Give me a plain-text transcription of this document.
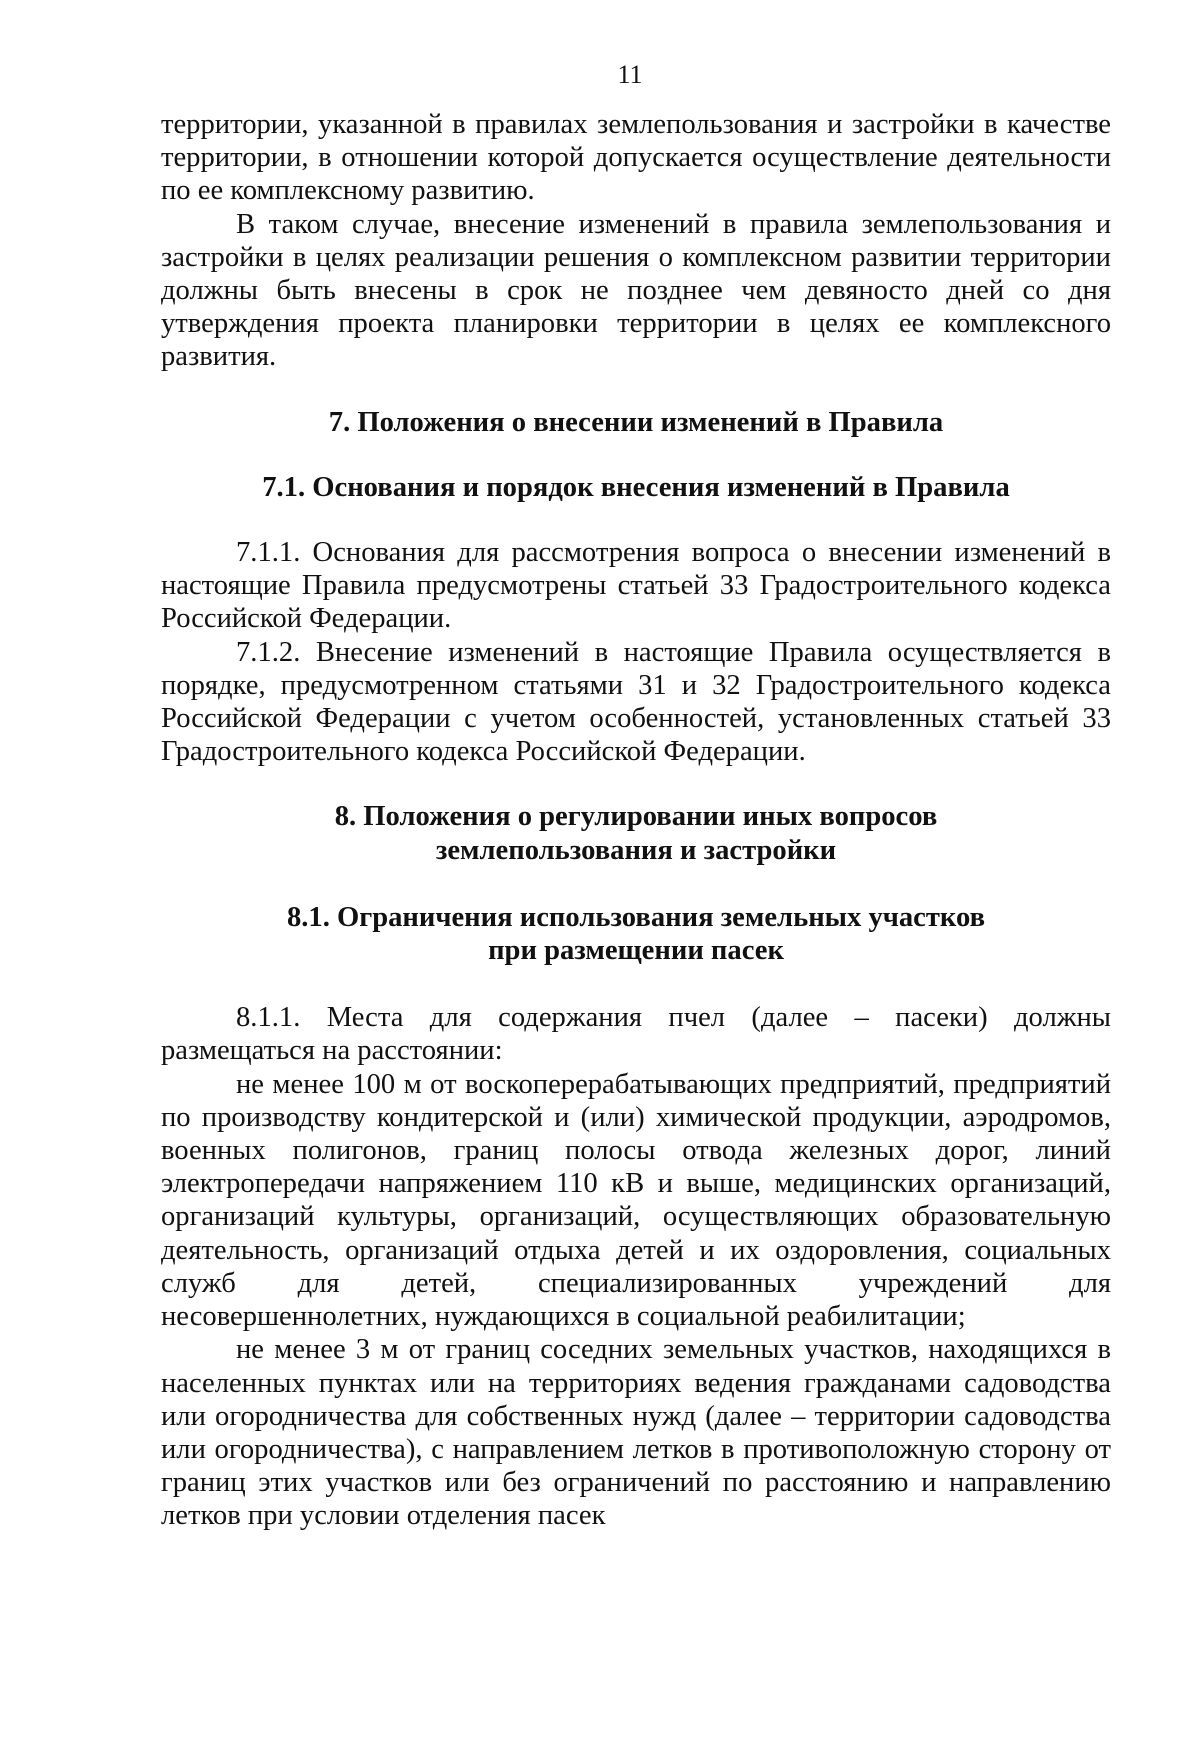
11

территории, указанной в правилах землепользования и застройки в качестве территории, в отношении которой допускается осуществление деятельности по ее комплексному развитию.

В таком случае, внесение изменений в правила землепользования и застройки в целях реализации решения о комплексном развитии территории должны быть внесены в срок не позднее чем девяносто дней со дня утверждения проекта планировки территории в целях ее комплексного развития.

7. Положения о внесении изменений в Правила

7.1. Основания и порядок внесения изменений в Правила

7.1.1. Основания для рассмотрения вопроса о внесении изменений в настоящие Правила предусмотрены статьей 33 Градостроительного кодекса Российской Федерации.

7.1.2. Внесение изменений в настоящие Правила осуществляется в порядке, предусмотренном статьями 31 и 32 Градостроительного кодекса Российской Федерации с учетом особенностей, установленных статьей 33 Градостроительного кодекса Российской Федерации.

8. Положения о регулировании иных вопросов
землепользования и застройки

8.1. Ограничения использования земельных участков
при размещении пасек

8.1.1. Места для содержания пчел (далее – пасеки) должны размещаться на расстоянии:

не менее 100 м от воскоперерабатывающих предприятий, предприятий по производству кондитерской и (или) химической продукции, аэродромов, военных полигонов, границ полосы отвода железных дорог, линий электропередачи напряжением 110 кВ и выше, медицинских организаций, организаций культуры, организаций, осуществляющих образовательную деятельность, организаций отдыха детей и их оздоровления, социальных служб для детей, специализированных учреждений для несовершеннолетних, нуждающихся в социальной реабилитации;

не менее 3 м от границ соседних земельных участков, находящихся в населенных пунктах или на территориях ведения гражданами садоводства или огородничества для собственных нужд (далее – территории садоводства или огородничества), с направлением летков в противоположную сторону от границ этих участков или без ограничений по расстоянию и направлению летков при условии отделения пасек
